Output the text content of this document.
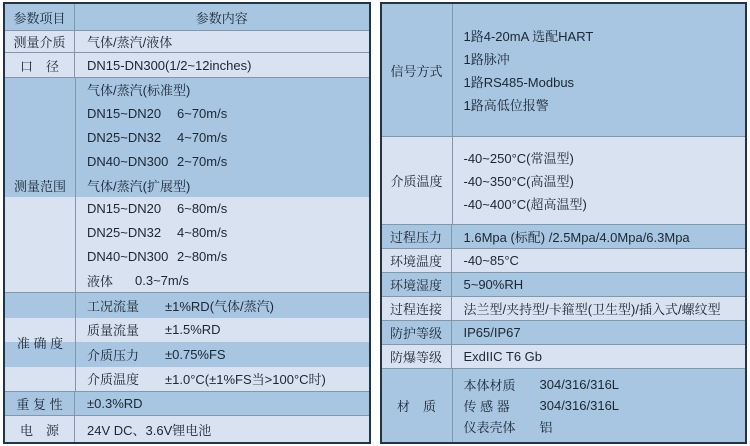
参数项目	参数内容
测量介质	气体/蒸汽/液体
口　径	DN15-DN300(1/2~12inches)
气体/蒸汽(标准型)
DN15~DN20	6~70m/s
DN25~DN32	4~70m/s
DN40~DN300 2~70m/s
气体/蒸汽(扩展型)
DN15~DN20	6~80m/s
DN25~DN32	4~80m/s
DN40~DN300 2~80m/s
液体	0.3~7m/s
测量范围
工况流量	±1%RD(气体/蒸汽)
质量流量	±1.5%RD
介质压力	±0.75%FS
介质温度	±1.0°C(±1%FS当>100°C时)
准 确 度
重 复 性	±0.3%RD
电　源	24V DC、3.6V锂电池
1路4-20mA 选配HART
1路脉冲
1路RS485-Modbus
1路高低位报警
信号方式
-40~250°C(常温型)
-40~350°C(高温型)
-40~400°C(超高温型)
介质温度
过程压力	1.6Mpa (标配) /2.5Mpa/4.0Mpa/6.3Mpa
环境温度	-40~85°C
环境湿度	5~90%RH
过程连接	法兰型/夹持型/卡箍型(卫生型)/插入式/螺纹型
防护等级	IP65/IP67
防爆等级	ExdIIC T6 Gb
本体材质	304/316/316L
传 感 器	304/316/316L
仪表壳体	铝
材　质
